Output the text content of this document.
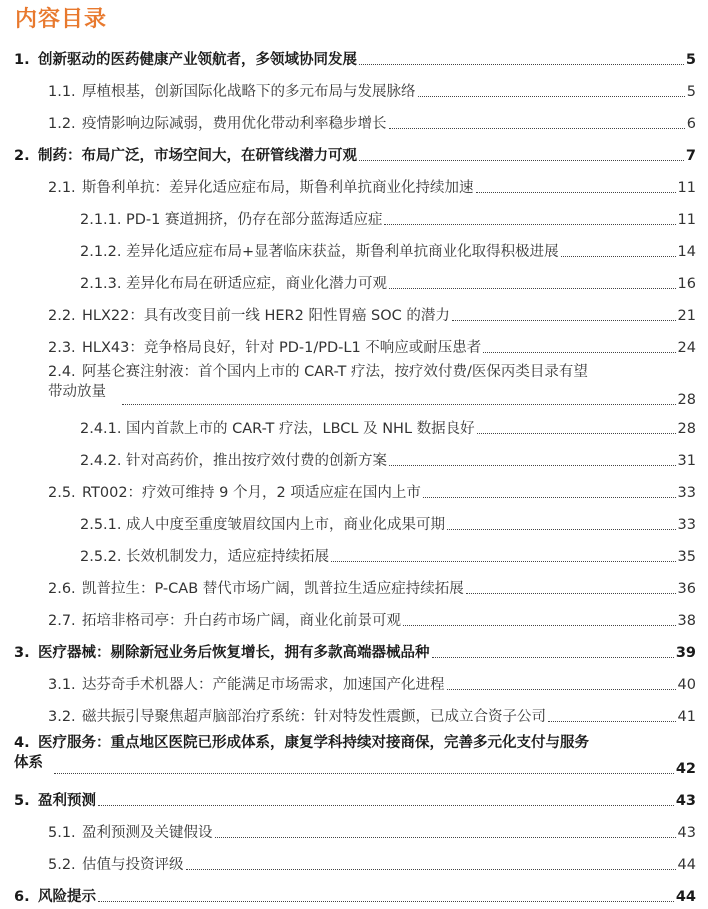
内容目录
1. 创新驱动的医药健康产业领航者，多领域协同发展	5
1.1. 厚植根基，创新国际化战略下的多元布局与发展脉络	5
1.2. 疫情影响边际减弱，费用优化带动利率稳步增长	6
2. 制药：布局广泛，市场空间大，在研管线潜力可观	7
2.1. 斯鲁利单抗：差异化适应症布局，斯鲁利单抗商业化持续加速	11
2.1.1. PD-1 赛道拥挤，仍存在部分蓝海适应症	11
2.1.2. 差异化适应症布局+显著临床获益，斯鲁利单抗商业化取得积极进展	14
2.1.3. 差异化布局在研适应症，商业化潜力可观	16
2.2. HLX22：具有改变目前一线 HER2 阳性胃癌 SOC 的潜力	21
2.3. HLX43：竞争格局良好，针对 PD-1/PD-L1 不响应或耐压患者	24
2.4. 阿基仑赛注射液：首个国内上市的 CAR-T 疗法，按疗效付费/医保丙类目录有望
带动放量	28
2.4.1. 国内首款上市的 CAR-T 疗法，LBCL 及 NHL 数据良好	28
2.4.2. 针对高药价，推出按疗效付费的创新方案	31
2.5. RT002：疗效可维持 9 个月，2 项适应症在国内上市	33
2.5.1. 成人中度至重度皱眉纹国内上市，商业化成果可期	33
2.5.2. 长效机制发力，适应症持续拓展	35
2.6. 凯普拉生：P-CAB 替代市场广阔，凯普拉生适应症持续拓展	36
2.7. 拓培非格司亭：升白药市场广阔，商业化前景可观	38
3. 医疗器械：剔除新冠业务后恢复增长，拥有多款高端器械品种	39
3.1. 达芬奇手术机器人：产能满足市场需求，加速国产化进程	40
3.2. 磁共振引导聚焦超声脑部治疗系统：针对特发性震颤，已成立合资子公司	41
4. 医疗服务：重点地区医院已形成体系，康复学科持续对接商保，完善多元化支付与服务
体系	42
5. 盈利预测	43
5.1. 盈利预测及关键假设	43
5.2. 估值与投资评级	44
6. 风险提示	44
